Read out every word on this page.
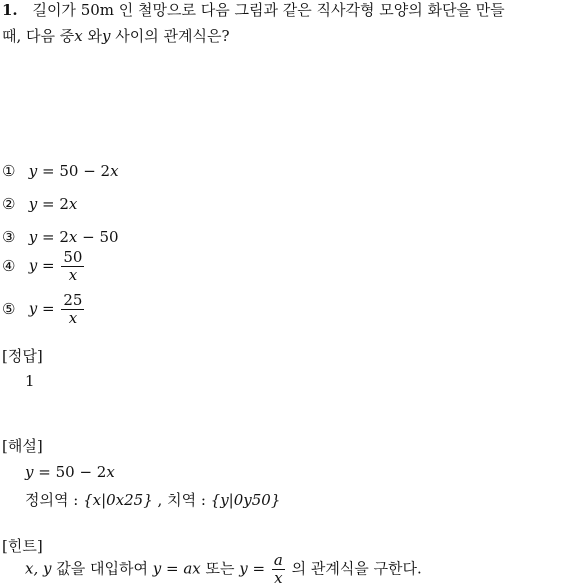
1. 길이가 50m 인 철망으로 다음 그림과 같은 직사각형 모양의 화단을 만들
때, 다음 중x 와y 사이의 관계식은?
① y = 50 − 2x
② y = 2x
③ y = 2x − 50
④ $y = \frac{50}{x}$
⑤ $y = \frac{25}{x}$
[정답]
1
[해설]
y = 50 − 2x
정의역 : {x|0x25} , 치역 : {y|0y50}
[힌트]
x, y 값을 대입하여 y = ax 또는 $y = \frac{a}{x}$ 의 관계식을 구한다.
